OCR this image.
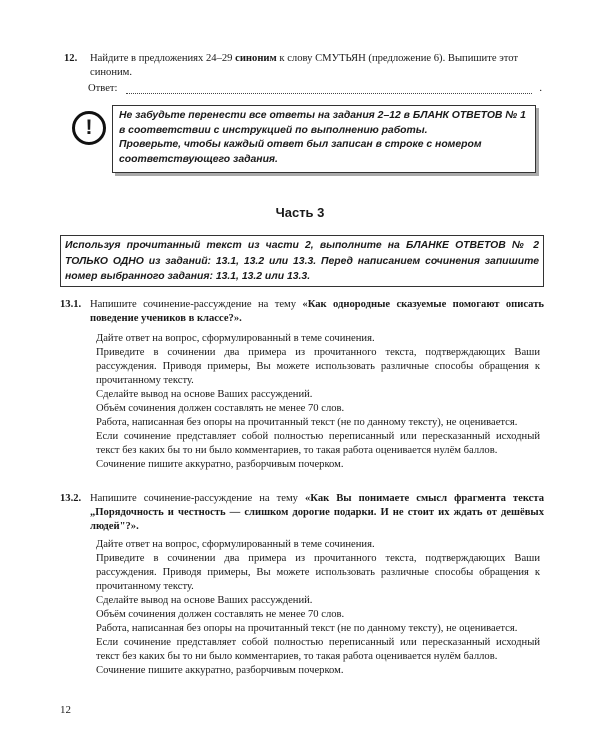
12. Найдите в предложениях 24–29 синоним к слову СМУТЬЯН (предложение 6). Выпишите этот синоним.
Ответ:	.
!
Не забудьте перенести все ответы на задания 2–12 в БЛАНК ОТВЕТОВ № 1 в соответствии с инструкцией по выполнению работы.
Проверьте, чтобы каждый ответ был записан в строке с номером соответствующего задания.
Часть 3
Используя прочитанный текст из части 2, выполните на БЛАНКЕ ОТВЕТОВ № 2 ТОЛЬКО ОДНО из заданий: 13.1, 13.2 или 13.3. Перед написанием сочинения запишите номер выбранного задания: 13.1, 13.2 или 13.3.
13.1. Напишите сочинение-рассуждение на тему «Как однородные сказуемые помогают описать поведение учеников в классе?».

Дайте ответ на вопрос, сформулированный в теме сочинения.

Приведите в сочинении два примера из прочитанного текста, подтверждающих Ваши рассуждения. Приводя примеры, Вы можете использовать различные способы обращения к прочитанному тексту.

Сделайте вывод на основе Ваших рассуждений.

Объём сочинения должен составлять не менее 70 слов.

Работа, написанная без опоры на прочитанный текст (не по данному тексту), не оценивается.

Если сочинение представляет собой полностью переписанный или пересказанный исходный текст без каких бы то ни было комментариев, то такая работа оценивается нулём баллов.

Сочинение пишите аккуратно, разборчивым почерком.

13.2. Напишите сочинение-рассуждение на тему «Как Вы понимаете смысл фрагмента текста „Порядочность и честность — слишком дорогие подарки. И не стоит их ждать от дешёвых людей"?».

Дайте ответ на вопрос, сформулированный в теме сочинения.

Приведите в сочинении два примера из прочитанного текста, подтверждающих Ваши рассуждения. Приводя примеры, Вы можете использовать различные способы обращения к прочитанному тексту.

Сделайте вывод на основе Ваших рассуждений.

Объём сочинения должен составлять не менее 70 слов.

Работа, написанная без опоры на прочитанный текст (не по данному тексту), не оценивается.

Если сочинение представляет собой полностью переписанный или пересказанный исходный текст без каких бы то ни было комментариев, то такая работа оценивается нулём баллов.

Сочинение пишите аккуратно, разборчивым почерком.

12
